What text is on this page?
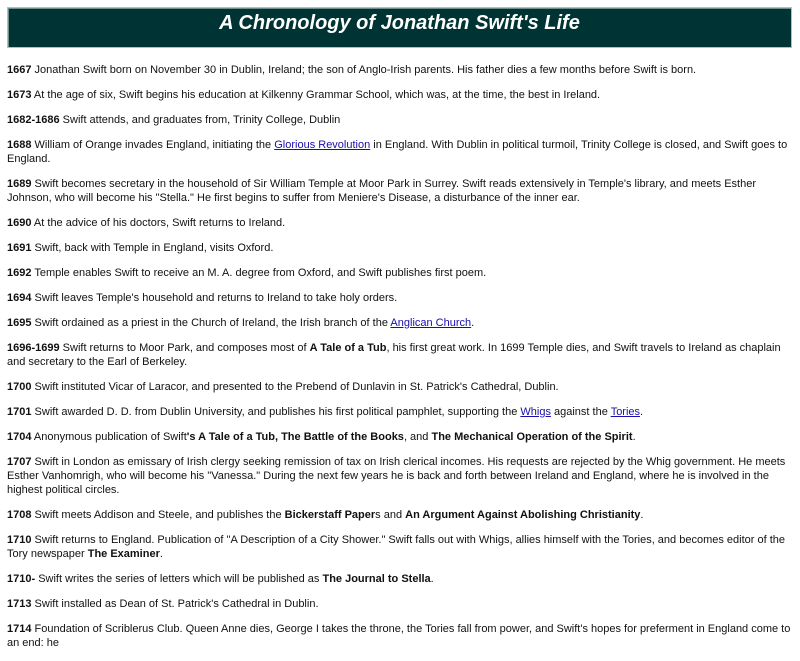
A Chronology of Jonathan Swift's Life

1667 Jonathan Swift born on November 30 in Dublin, Ireland; the son of Anglo-Irish parents. His father dies a few months before Swift is born.

1673 At the age of six, Swift begins his education at Kilkenny Grammar School, which was, at the time, the best in Ireland.

1682-1686 Swift attends, and graduates from, Trinity College, Dublin

1688 William of Orange invades England, initiating the Glorious Revolution in England. With Dublin in political turmoil, Trinity College is closed, and Swift goes to England.

1689 Swift becomes secretary in the household of Sir William Temple at Moor Park in Surrey. Swift reads extensively in Temple's library, and meets Esther Johnson, who will become his "Stella." He first begins to suffer from Meniere's Disease, a disturbance of the inner ear.

1690 At the advice of his doctors, Swift returns to Ireland.

1691 Swift, back with Temple in England, visits Oxford.

1692 Temple enables Swift to receive an M. A. degree from Oxford, and Swift publishes first poem.

1694 Swift leaves Temple's household and returns to Ireland to take holy orders.

1695 Swift ordained as a priest in the Church of Ireland, the Irish branch of the Anglican Church.

1696-1699 Swift returns to Moor Park, and composes most of A Tale of a Tub, his first great work. In 1699 Temple dies, and Swift travels to Ireland as chaplain and secretary to the Earl of Berkeley.

1700 Swift instituted Vicar of Laracor, and presented to the Prebend of Dunlavin in St. Patrick's Cathedral, Dublin.

1701 Swift awarded D. D. from Dublin University, and publishes his first political pamphlet, supporting the Whigs against the Tories.

1704 Anonymous publication of Swift's A Tale of a Tub, The Battle of the Books, and The Mechanical Operation of the Spirit.

1707 Swift in London as emissary of Irish clergy seeking remission of tax on Irish clerical incomes. His requests are rejected by the Whig government. He meets Esther Vanhomrigh, who will become his "Vanessa." During the next few years he is back and forth between Ireland and England, where he is involved in the highest political circles.

1708 Swift meets Addison and Steele, and publishes the Bickerstaff Papers and An Argument Against Abolishing Christianity.

1710 Swift returns to England. Publication of "A Description of a City Shower." Swift falls out with Whigs, allies himself with the Tories, and becomes editor of the Tory newspaper The Examiner.

1710- Swift writes the series of letters which will be published as The Journal to Stella.

1713 Swift installed as Dean of St. Patrick's Cathedral in Dublin.

1714 Foundation of Scriblerus Club. Queen Anne dies, George I takes the throne, the Tories fall from power, and Swift's hopes for preferment in England come to an end: he
